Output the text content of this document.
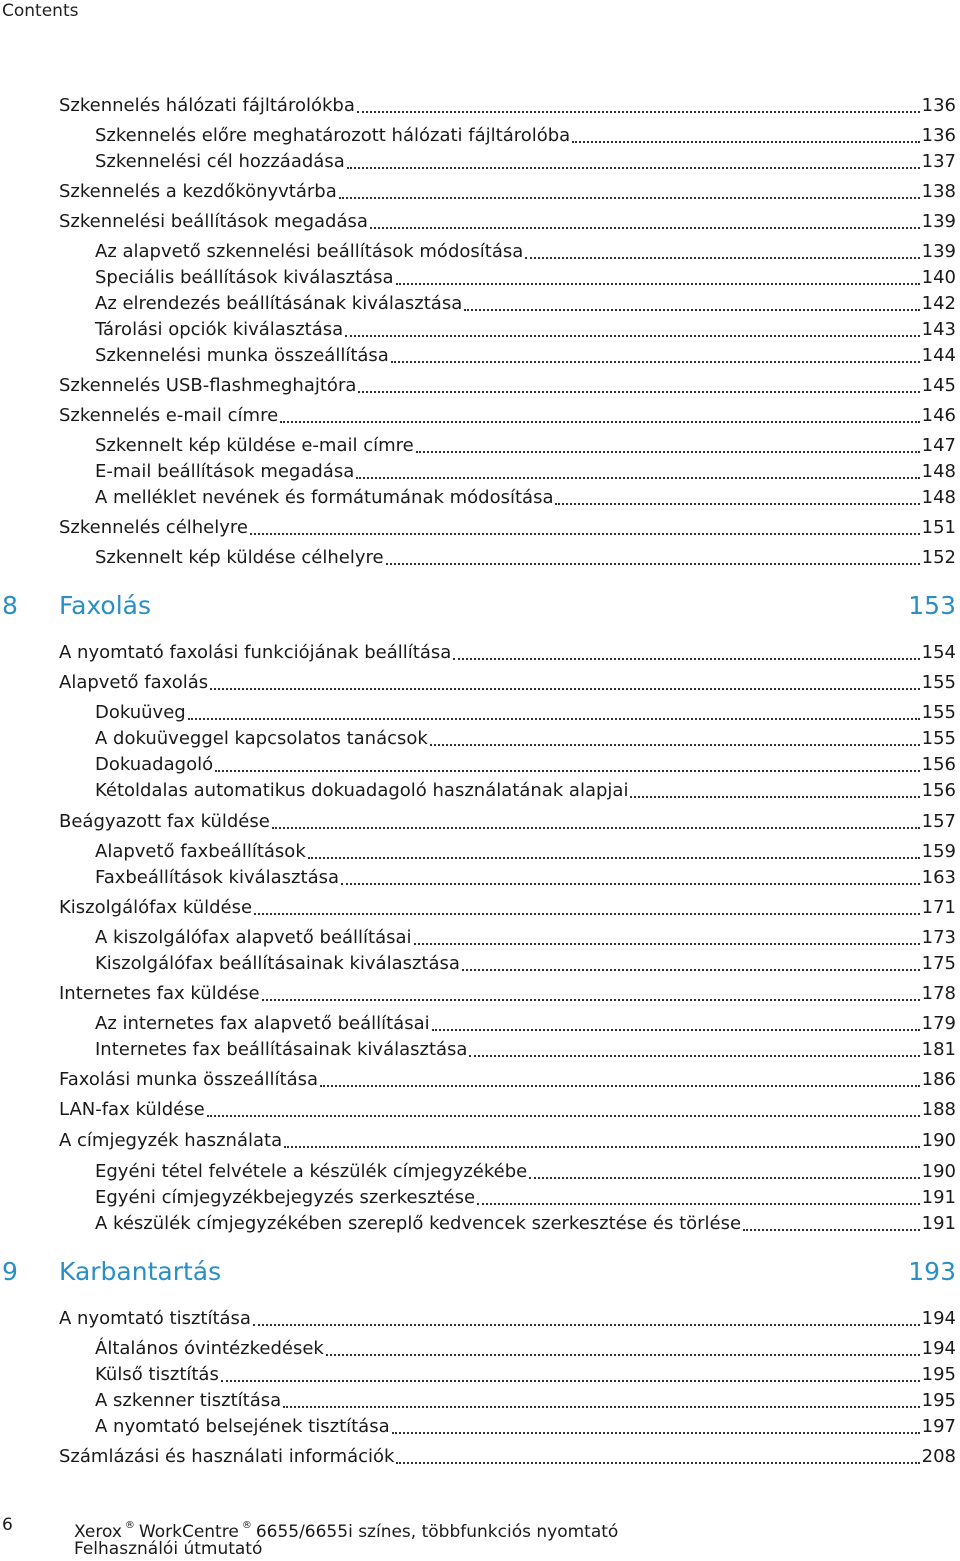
Contents
Szkennelés hálózati fájltárolókba	136
Szkennelés előre meghatározott hálózati fájltárolóba	136
Szkennelési cél hozzáadása	137
Szkennelés a kezdőkönyvtárba	138
Szkennelési beállítások megadása	139
Az alapvető szkennelési beállítások módosítása	139
Speciális beállítások kiválasztása	140
Az elrendezés beállításának kiválasztása	142
Tárolási opciók kiválasztása	143
Szkennelési munka összeállítása	144
Szkennelés USB-flashmeghajtóra	145
Szkennelés e-mail címre	146
Szkennelt kép küldése e-mail címre	147
E-mail beállítások megadása	148
A melléklet nevének és formátumának módosítása	148
Szkennelés célhelyre	151
Szkennelt kép küldése célhelyre	152
8 Faxolás	153
A nyomtató faxolási funkciójának beállítása	154
Alapvető faxolás	155
Dokuüveg	155
A dokuüveggel kapcsolatos tanácsok	155
Dokuadagoló	156
Kétoldalas automatikus dokuadagoló használatának alapjai	156
Beágyazott fax küldése	157
Alapvető faxbeállítások	159
Faxbeállítások kiválasztása	163
Kiszolgálófax küldése	171
A kiszolgálófax alapvető beállításai	173
Kiszolgálófax beállításainak kiválasztása	175
Internetes fax küldése	178
Az internetes fax alapvető beállításai	179
Internetes fax beállításainak kiválasztása	181
Faxolási munka összeállítása	186
LAN-fax küldése	188
A címjegyzék használata	190
Egyéni tétel felvétele a készülék címjegyzékébe	190
Egyéni címjegyzékbejegyzés szerkesztése	191
A készülék címjegyzékében szereplő kedvencek szerkesztése és törlése	191
9 Karbantartás	193
A nyomtató tisztítása	194
Általános óvintézkedések	194
Külső tisztítás	195
A szkenner tisztítása	195
A nyomtató belsejének tisztítása	197
Számlázási és használati információk	208
6	Xerox ® WorkCentre ® 6655/6655i színes, többfunkciós nyomtató
Felhasználói útmutató
